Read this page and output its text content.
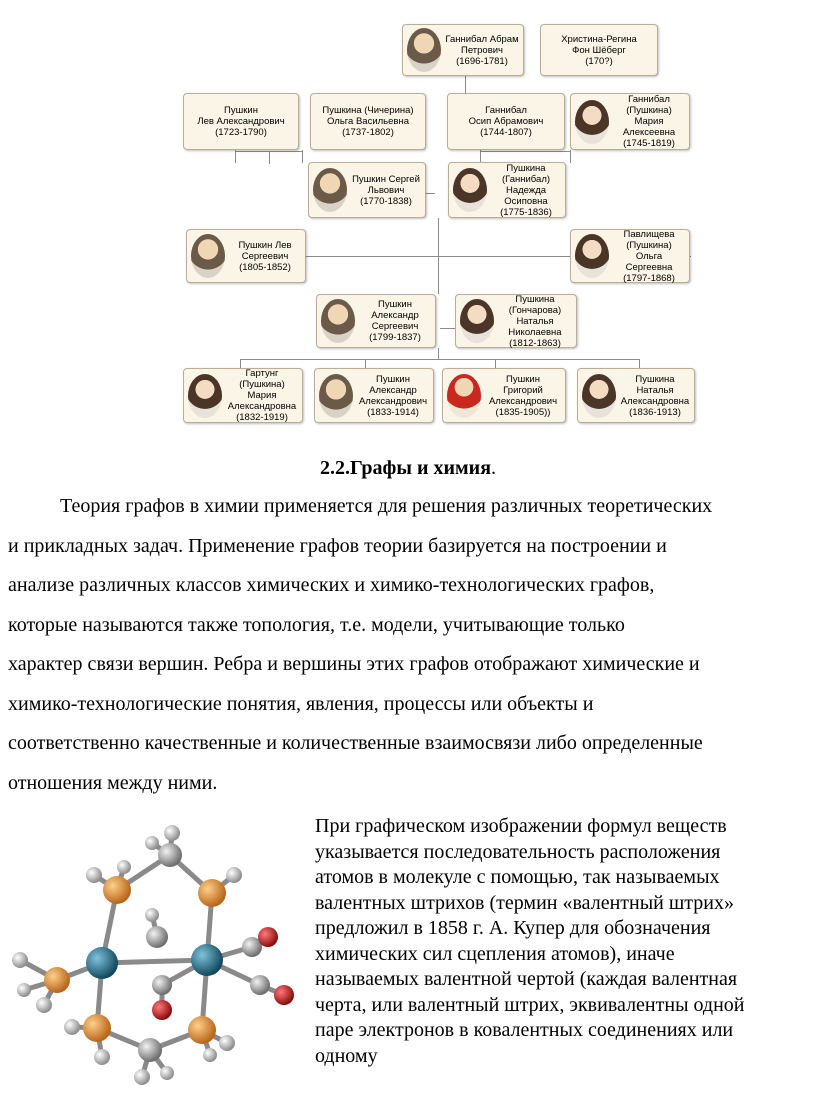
Ганнибал Абрам
Петрович
(1696-1781)
Христина-Регина
Фон Шёберг
(170?)
Пушкин
Лев Александрович
(1723-1790)
Пушкина (Чичерина)
Ольга Васильевна
(1737-1802)
Ганнибал
Осип Абрамович
(1744-1807)
Ганнибал (Пушкина)
Мария
Алексеевна
(1745-1819)
Пушкин Сергей
Львович
(1770-1838)
Пушкина (Ганнибал)
Надежда
Осиповна
(1775-1836)
Пушкин Лев
Сергеевич
(1805-1852)
Павлищева (Пушкина)
Ольга Сергеевна
(1797-1868)
Пушкин Александр
Сергеевич
(1799-1837)
Пушкина (Гончарова)
Наталья
Николаевна
(1812-1863)
Гартунг (Пушкина)
Мария
Александровна
(1832-1919)
Пушкин
Александр
Александрович
(1833-1914)
Пушкин Григорий
Александрович
(1835-1905))
Пушкина Наталья
Александровна
(1836-1913)
2.2.Графы и химия.
Теория графов в химии применяется для решения различных теоретических
и прикладных задач. Применение графов теории базируется на построении и
анализе различных классов химических и химико-технологических графов,
которые называются также топология, т.е. модели, учитывающие только
характер связи вершин. Ребра и вершины этих графов отображают химические и
химико-технологические понятия, явления, процессы или объекты и
соответственно качественные и количественные взаимосвязи либо определенные
отношения между ними.
При графическом изображении формул веществ
указывается последовательность расположения
атомов в молекуле с помощью, так называемых
валентных штрихов (термин «валентный штрих»
предложил в 1858 г. А. Купер для обозначения
химических сил сцепления атомов), иначе
называемых валентной чертой (каждая валентная
черта, или валентный штрих, эквивалентны одной
паре электронов в ковалентных соединениях или
одному
